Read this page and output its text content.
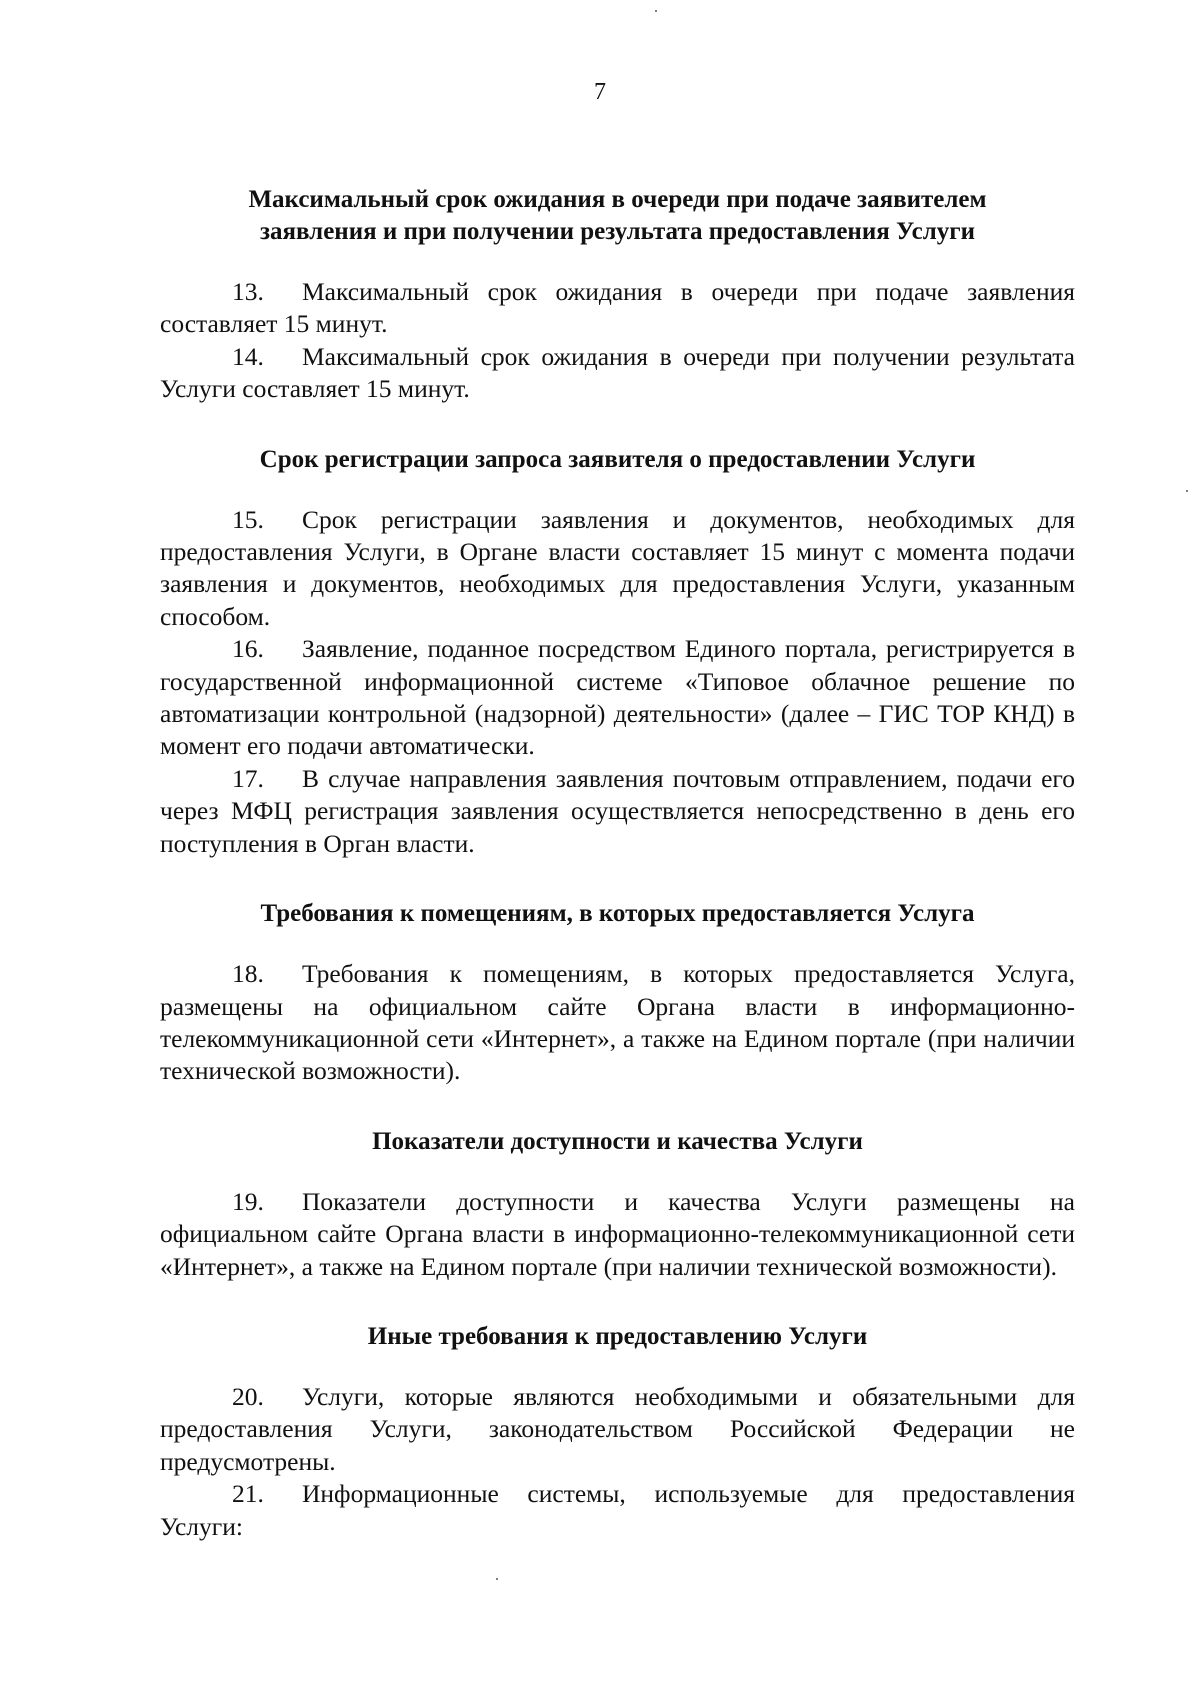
7

Максимальный срок ожидания в очереди при подаче заявителем

заявления и при получении результата предоставления Услуги

13. Максимальный срок ожидания в очереди при подаче заявления составляет 15 минут.

14. Максимальный срок ожидания в очереди при получении результата Услуги составляет 15 минут.

Срок регистрации запроса заявителя о предоставлении Услуги

15. Срок регистрации заявления и документов, необходимых для предоставления Услуги, в Органе власти составляет 15 минут с момента подачи заявления и документов, необходимых для предоставления Услуги, указанным способом.

16. Заявление, поданное посредством Единого портала, регистрируется в государственной информационной системе «Типовое облачное решение по автоматизации контрольной (надзорной) деятельности» (далее – ГИС ТОР КНД) в момент его подачи автоматически.

17. В случае направления заявления почтовым отправлением, подачи его через МФЦ регистрация заявления осуществляется непосредственно в день его поступления в Орган власти.

Требования к помещениям, в которых предоставляется Услуга

18. Требования к помещениям, в которых предоставляется Услуга, размещены на официальном сайте Органа власти в информационно-телекоммуникационной сети «Интернет», а также на Едином портале (при наличии технической возможности).

Показатели доступности и качества Услуги

19. Показатели доступности и качества Услуги размещены на официальном сайте Органа власти в информационно-телекоммуникационной сети «Интернет», а также на Едином портале (при наличии технической возможности).

Иные требования к предоставлению Услуги

20. Услуги, которые являются необходимыми и обязательными для предоставления Услуги, законодательством Российской Федерации не предусмотрены.

21. Информационные системы, используемые для предоставления Услуги:
